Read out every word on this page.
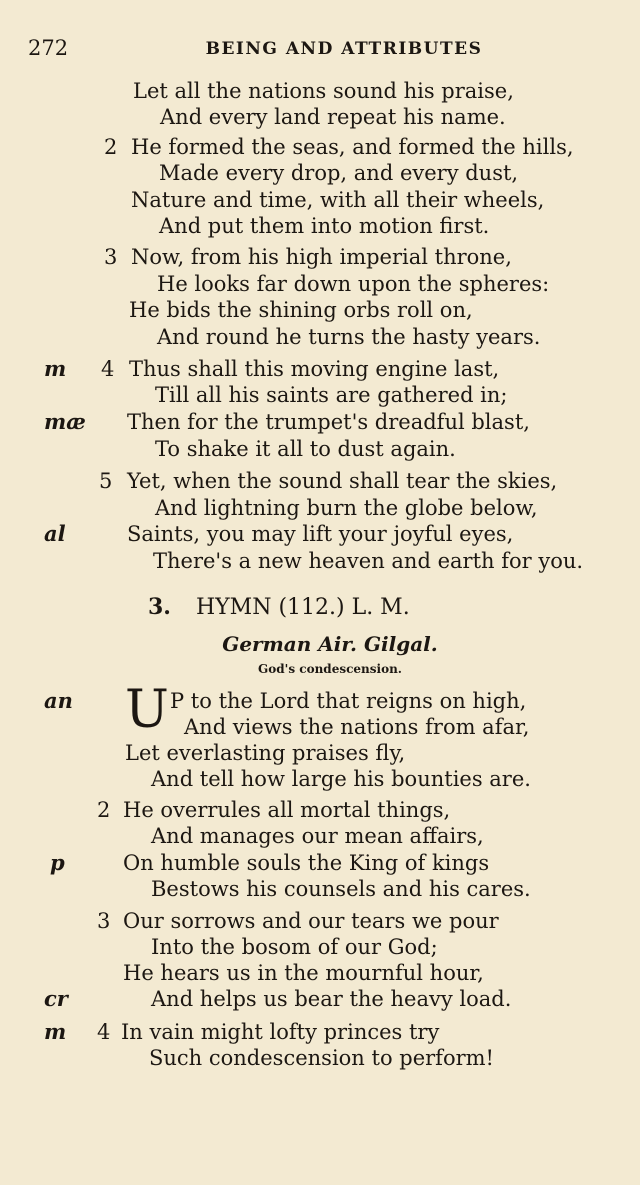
272	BEING AND ATTRIBUTES
Let all the nations sound his praise,
And every land repeat his name.
2 He formed the seas, and formed the hills,
Made every drop, and every dust,
Nature and time, with all their wheels,
And put them into motion first.
3 Now, from his high imperial throne,
He looks far down upon the spheres:
He bids the shining orbs roll on,
And round he turns the hasty years.
m 4 Thus shall this moving engine last,
Till all his saints are gathered in;
mæ Then for the trumpet's dreadful blast,
To shake it all to dust again.
5 Yet, when the sound shall tear the skies,
And lightning burn the globe below,
al	Saints, you may lift your joyful eyes,
There's a new heaven and earth for you.
3. HYMN (112.) L. M.
German Air. Gilgal.
God's condescension.
an U P to the Lord that reigns on high,
And views the nations from afar,
Let everlasting praises fly,
And tell how large his bounties are.
2 He overrules all mortal things,
And manages our mean affairs,
p	On humble souls the King of kings
Bestows his counsels and his cares.
3 Our sorrows and our tears we pour
Into the bosom of our God;
He hears us in the mournful hour,
cr	And helps us bear the heavy load.
m 4 In vain might lofty princes try
Such condescension to perform!
